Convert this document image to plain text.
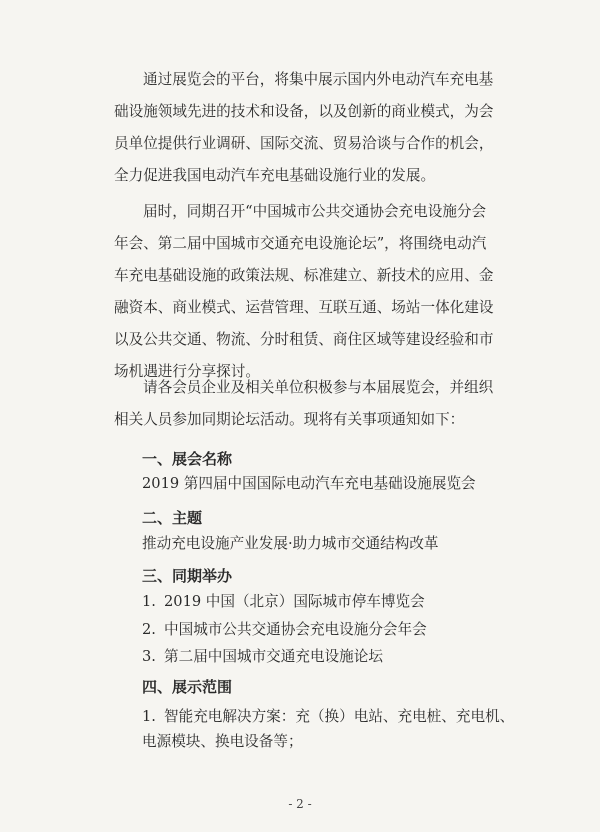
通过展览会的平台，将集中展示国内外电动汽车充电基
础设施领域先进的技术和设备，以及创新的商业模式，为会
员单位提供行业调研、国际交流、贸易洽谈与合作的机会，
全力促进我国电动汽车充电基础设施行业的发展。
届时，同期召开“中国城市公共交通协会充电设施分会
年会、第二届中国城市交通充电设施论坛”，将围绕电动汽
车充电基础设施的政策法规、标准建立、新技术的应用、金
融资本、商业模式、运营管理、互联互通、场站一体化建设
以及公共交通、物流、分时租赁、商住区域等建设经验和市
场机遇进行分享探讨。
请各会员企业及相关单位积极参与本届展览会，并组织
相关人员参加同期论坛活动。现将有关事项通知如下：

一、展会名称

2019 第四届中国国际电动汽车充电基础设施展览会

二、主题

推动充电设施产业发展·助力城市交通结构改革

三、同期举办

1. 2019 中国（北京）国际城市停车博览会

2. 中国城市公共交通协会充电设施分会年会

3. 第二届中国城市交通充电设施论坛

四、展示范围

1. 智能充电解决方案：充（换）电站、充电桩、充电机、

电源模块、换电设备等；

- 2 -
